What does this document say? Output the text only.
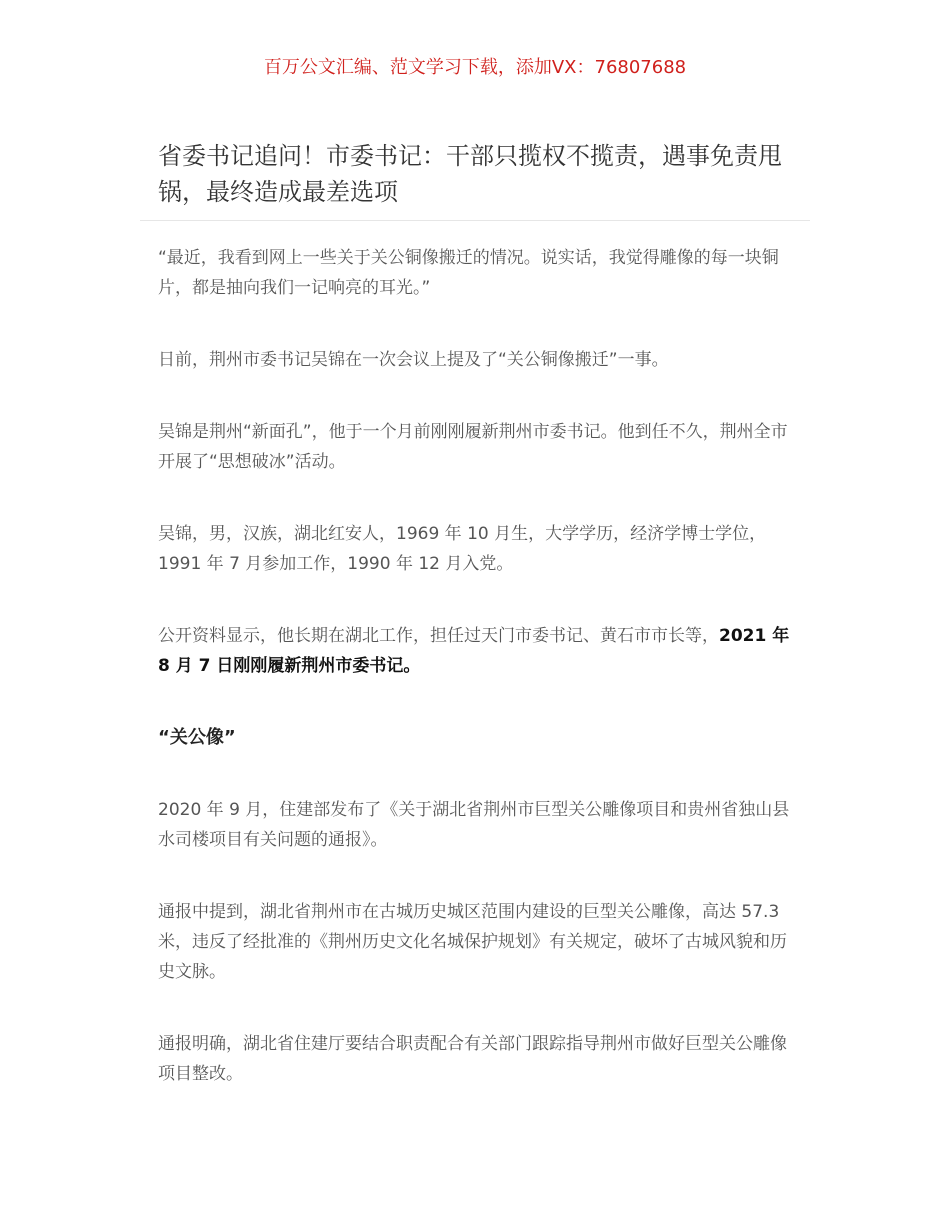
百万公文汇编、范文学习下载，添加VX：76807688
省委书记追问！市委书记：干部只揽权不揽责，遇事免责甩锅，最终造成最差选项

“最近，我看到网上一些关于关公铜像搬迁的情况。说实话，我觉得雕像的每一块铜片，都是抽向我们一记响亮的耳光。”

日前，荆州市委书记吴锦在一次会议上提及了“关公铜像搬迁”一事。

吴锦是荆州“新面孔”，他于一个月前刚刚履新荆州市委书记。他到任不久，荆州全市开展了“思想破冰”活动。

吴锦，男，汉族，湖北红安人，1969 年 10 月生，大学学历，经济学博士学位，1991 年 7 月参加工作，1990 年 12 月入党。

公开资料显示，他长期在湖北工作，担任过天门市委书记、黄石市市长等，2021 年 8 月 7 日刚刚履新荆州市委书记。

“关公像”

2020 年 9 月，住建部发布了《关于湖北省荆州市巨型关公雕像项目和贵州省独山县水司楼项目有关问题的通报》。

通报中提到，湖北省荆州市在古城历史城区范围内建设的巨型关公雕像，高达 57.3 米，违反了经批准的《荆州历史文化名城保护规划》有关规定，破坏了古城风貌和历史文脉。

通报明确，湖北省住建厅要结合职责配合有关部门跟踪指导荆州市做好巨型关公雕像项目整改。
